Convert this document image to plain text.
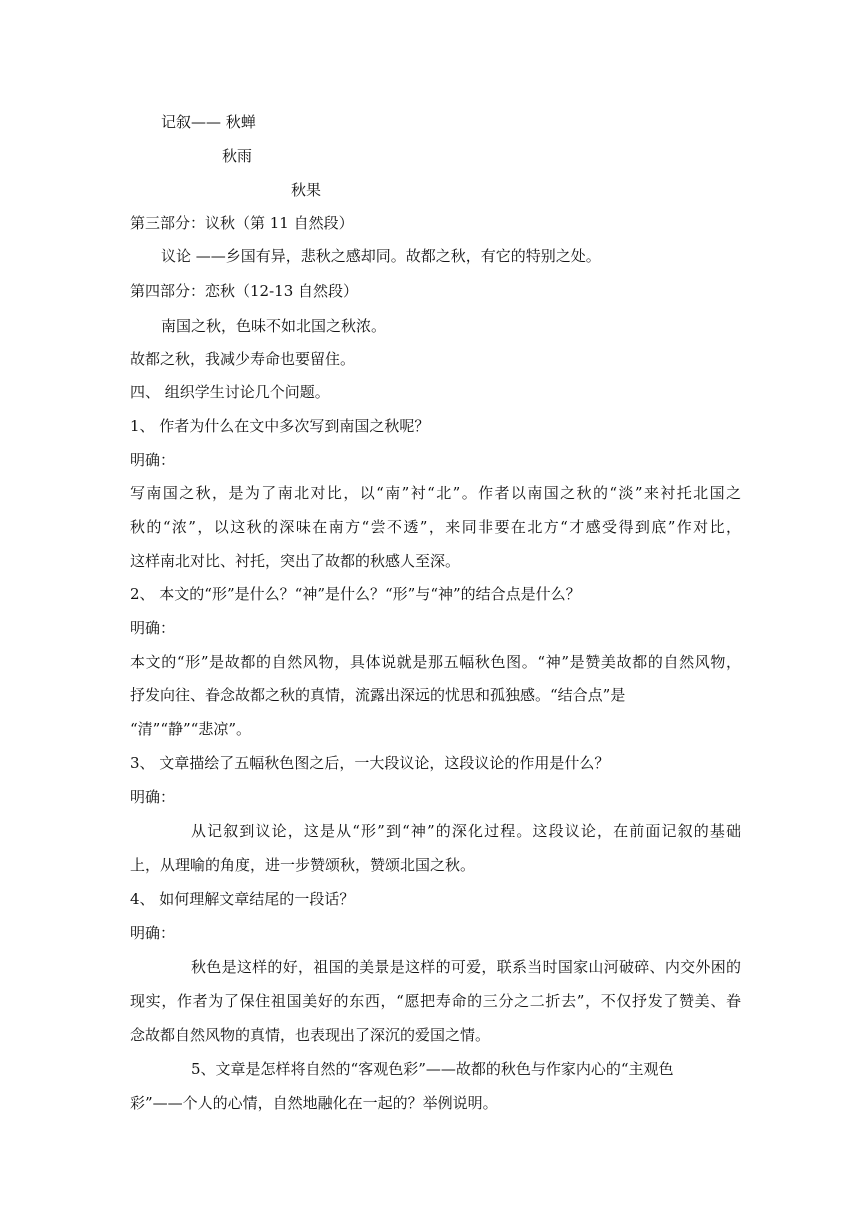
记叙—— 秋蝉
秋雨
秋果
第三部分：议秋（第 11 自然段）
议论 ——乡国有异，悲秋之感却同。故都之秋，有它的特别之处。
第四部分：恋秋（12-13 自然段）
南国之秋，色味不如北国之秋浓。
故都之秋，我减少寿命也要留住。
四、 组织学生讨论几个问题。
1、 作者为什么在文中多次写到南国之秋呢？
明确：
写南国之秋，是为了南北对比，以“南”衬“北”。作者以南国之秋的“淡”来衬托北国之
秋的“浓”，以这秋的深味在南方“尝不透”，来同非要在北方“才感受得到底”作对比，
这样南北对比、衬托，突出了故都的秋感人至深。
2、 本文的“形”是什么？“神”是什么？“形”与“神”的结合点是什么？
明确：
本文的“形”是故都的自然风物，具体说就是那五幅秋色图。“神”是赞美故都的自然风物，
抒发向往、眷念故都之秋的真情，流露出深远的忧思和孤独感。“结合点”是
“清”“静”“悲凉”。
3、 文章描绘了五幅秋色图之后，一大段议论，这段议论的作用是什么？
明确：
从记叙到议论，这是从“形”到“神”的深化过程。这段议论，在前面记叙的基础
上，从理喻的角度，进一步赞颂秋，赞颂北国之秋。
4、 如何理解文章结尾的一段话？
明确：
秋色是这样的好，祖国的美景是这样的可爱，联系当时国家山河破碎、内交外困的
现实，作者为了保住祖国美好的东西，“愿把寿命的三分之二折去”，不仅抒发了赞美、眷
念故都自然风物的真情，也表现出了深沉的爱国之情。
5、文章是怎样将自然的“客观色彩”——故都的秋色与作家内心的“主观色
彩”——个人的心情，自然地融化在一起的？举例说明。
